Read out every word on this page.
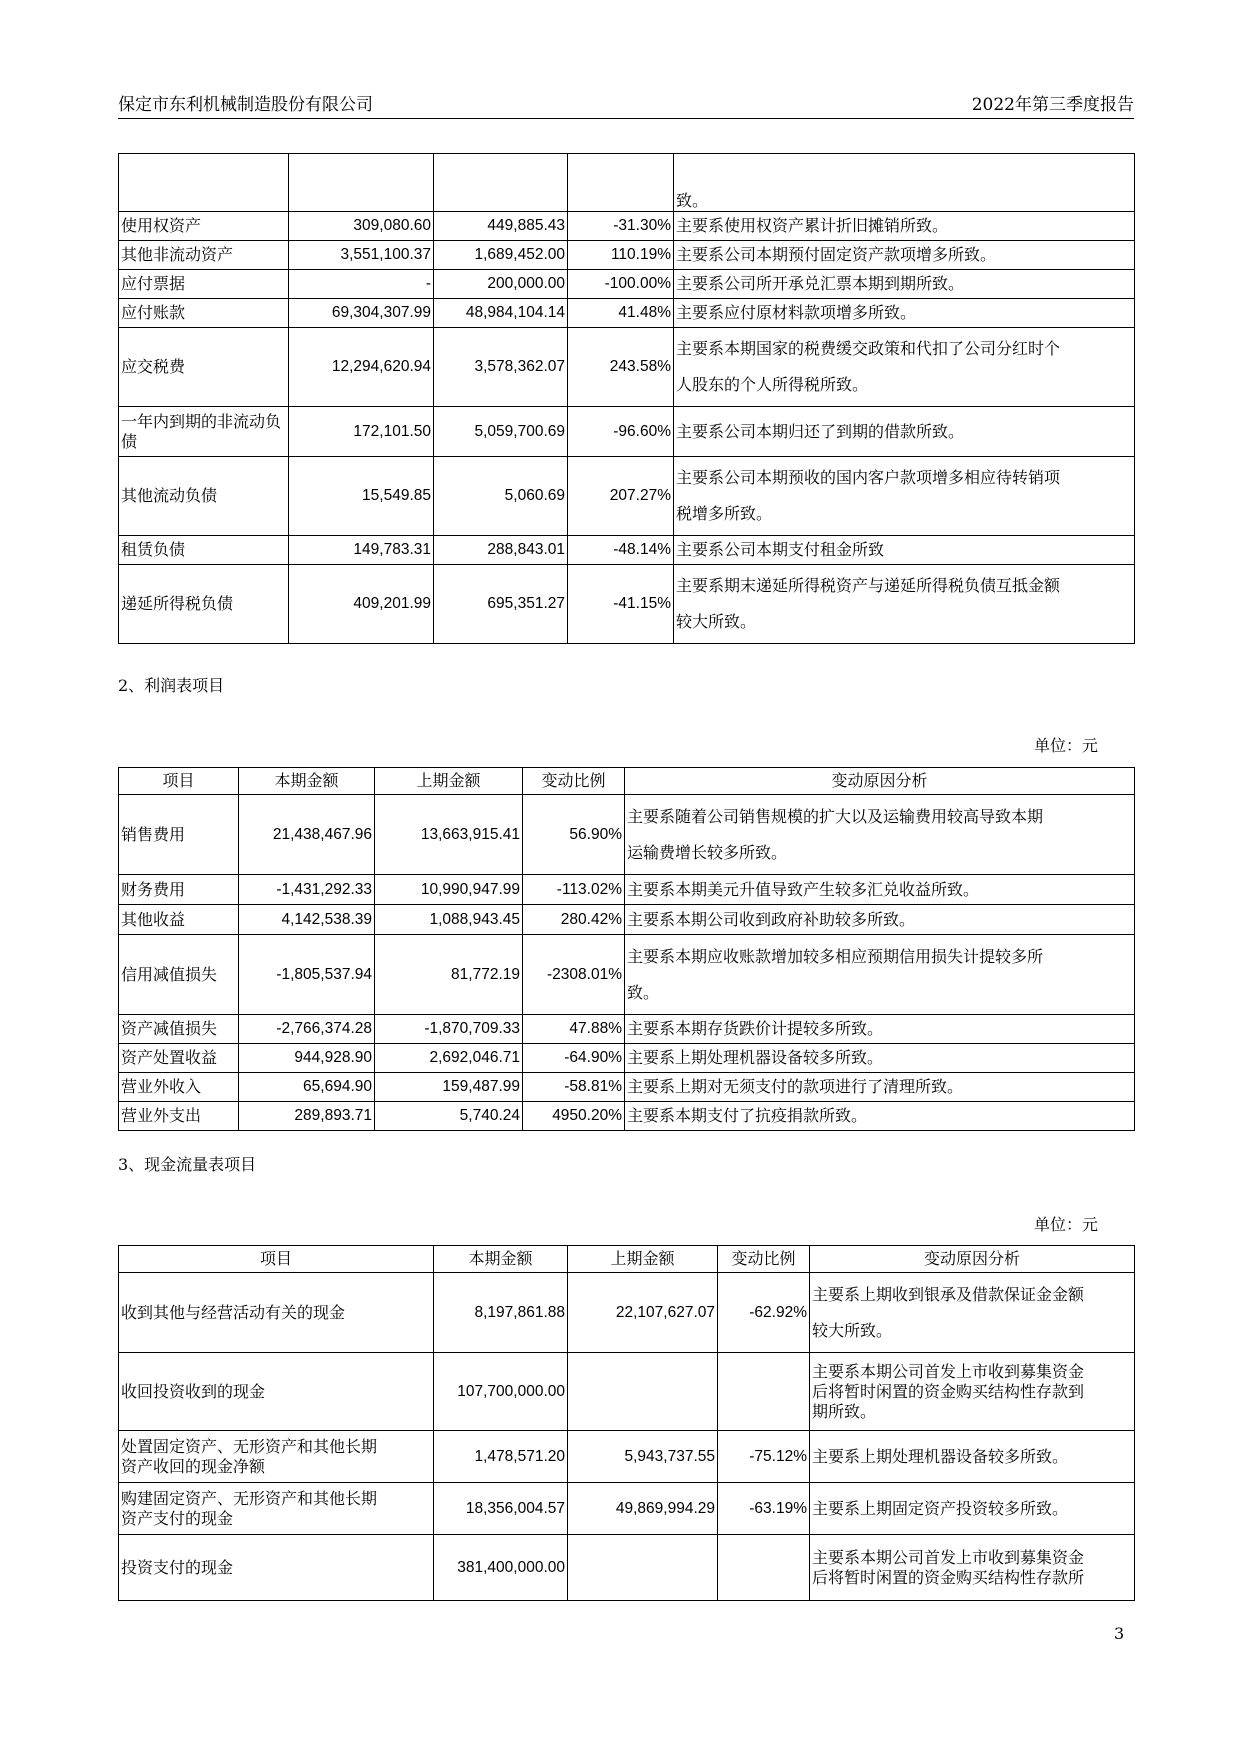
保定市东利机械制造股份有限公司	2022年第三季度报告
				致。
使用权资产	309,080.60	449,885.43	-31.30%	主要系使用权资产累计折旧摊销所致。
其他非流动资产	3,551,100.37	1,689,452.00	110.19%	主要系公司本期预付固定资产款项增多所致。
应付票据	-	200,000.00	-100.00%	主要系公司所开承兑汇票本期到期所致。
应付账款	69,304,307.99	48,984,104.14	41.48%	主要系应付原材料款项增多所致。
应交税费	12,294,620.94	3,578,362.07	243.58%	主要系本期国家的税费缓交政策和代扣了公司分红时个
人股东的个人所得税所致。

一年内到期的非流动负债	172,101.50	5,059,700.69	-96.60%	主要系公司本期归还了到期的借款所致。
其他流动负债	15,549.85	5,060.69	207.27%	主要系公司本期预收的国内客户款项增多相应待转销项
税增多所致。

租赁负债	149,783.31	288,843.01	-48.14%	主要系公司本期支付租金所致
递延所得税负债	409,201.99	695,351.27	-41.15%	主要系期末递延所得税资产与递延所得税负债互抵金额
较大所致。
2、利润表项目
单位：元
项目	本期金额	上期金额	变动比例	变动原因分析
销售费用	21,438,467.96	13,663,915.41	56.90%	主要系随着公司销售规模的扩大以及运输费用较高导致本期
运输费增长较多所致。

财务费用	-1,431,292.33	10,990,947.99	-113.02%	主要系本期美元升值导致产生较多汇兑收益所致。
其他收益	4,142,538.39	1,088,943.45	280.42%	主要系本期公司收到政府补助较多所致。
信用减值损失	-1,805,537.94	81,772.19	-2308.01%	主要系本期应收账款增加较多相应预期信用损失计提较多所
致。

资产减值损失	-2,766,374.28	-1,870,709.33	47.88%	主要系本期存货跌价计提较多所致。
资产处置收益	944,928.90	2,692,046.71	-64.90%	主要系上期处理机器设备较多所致。
营业外收入	65,694.90	159,487.99	-58.81%	主要系上期对无须支付的款项进行了清理所致。
营业外支出	289,893.71	5,740.24	4950.20%	主要系本期支付了抗疫捐款所致。
3、现金流量表项目
单位：元
项目	本期金额	上期金额	变动比例	变动原因分析
收到其他与经营活动有关的现金	8,197,861.88	22,107,627.07	-62.92%	主要系上期收到银承及借款保证金金额
较大所致。

收回投资收到的现金	107,700,000.00			主要系本期公司首发上市收到募集资金
后将暂时闲置的资金购买结构性存款到
期所致。

处置固定资产、无形资产和其他长期
资产收回的现金净额	1,478,571.20	5,943,737.55	-75.12%	主要系上期处理机器设备较多所致。

购建固定资产、无形资产和其他长期
资产支付的现金	18,356,004.57	49,869,994.29	-63.19%	主要系上期固定资产投资较多所致。
投资支付的现金	381,400,000.00			主要系本期公司首发上市收到募集资金
后将暂时闲置的资金购买结构性存款所
3
